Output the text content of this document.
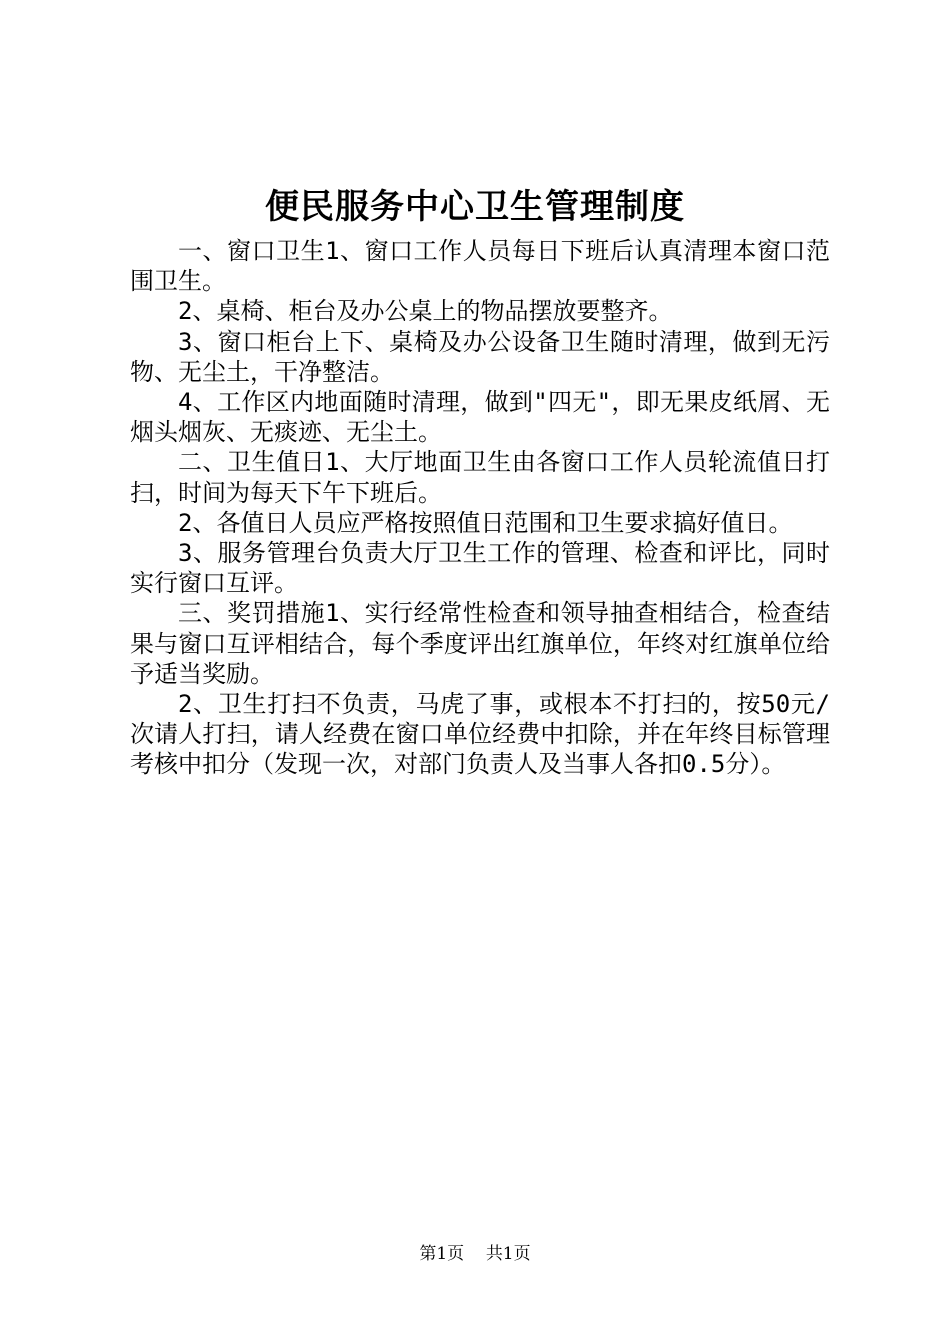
便民服务中心卫生管理制度

一、窗口卫生1、窗口工作人员每日下班后认真清理本窗口范围卫生。

2、桌椅、柜台及办公桌上的物品摆放要整齐。

3、窗口柜台上下、桌椅及办公设备卫生随时清理，做到无污物、无尘土，干净整洁。

4、工作区内地面随时清理，做到"四无"，即无果皮纸屑、无烟头烟灰、无痰迹、无尘土。

二、卫生值日1、大厅地面卫生由各窗口工作人员轮流值日打扫，时间为每天下午下班后。

2、各值日人员应严格按照值日范围和卫生要求搞好值日。

3、服务管理台负责大厅卫生工作的管理、检查和评比，同时实行窗口互评。

三、奖罚措施1、实行经常性检查和领导抽查相结合，检查结果与窗口互评相结合，每个季度评出红旗单位，年终对红旗单位给予适当奖励。

2、卫生打扫不负责，马虎了事，或根本不打扫的，按50元/次请人打扫，请人经费在窗口单位经费中扣除，并在年终目标管理考核中扣分（发现一次，对部门负责人及当事人各扣0.5分）。

第1页 共1页
